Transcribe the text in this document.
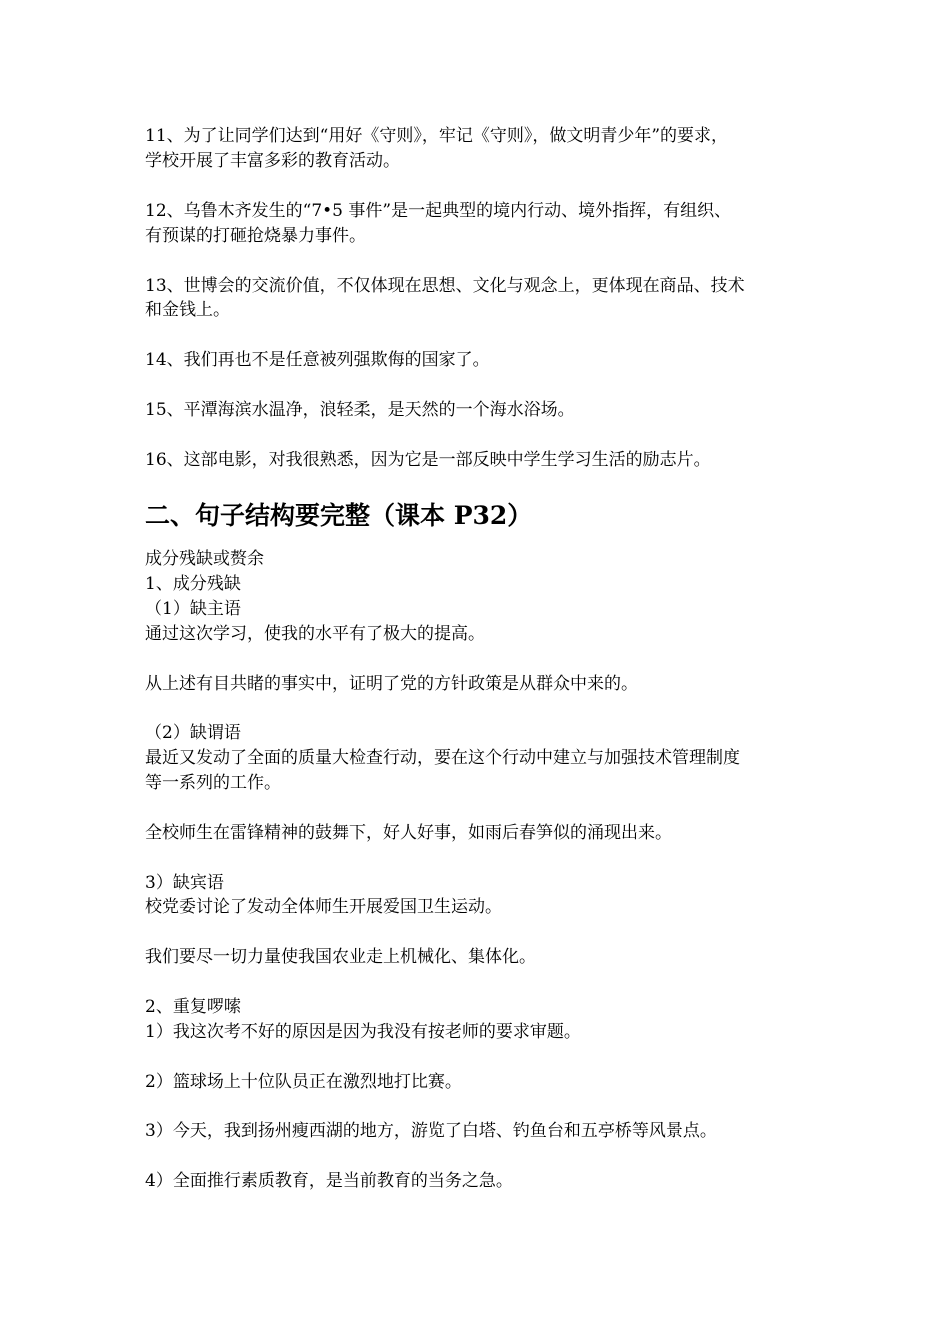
11、为了让同学们达到“用好《守则》，牢记《守则》，做文明青少年”的要求，
学校开展了丰富多彩的教育活动。
12、乌鲁木齐发生的“7•5 事件”是一起典型的境内行动、境外指挥，有组织、
有预谋的打砸抢烧暴力事件。
13、世博会的交流价值，不仅体现在思想、文化与观念上，更体现在商品、技术
和金钱上。
14、我们再也不是任意被列强欺侮的国家了。
15、平潭海滨水温净，浪轻柔，是天然的一个海水浴场。
16、这部电影，对我很熟悉，因为它是一部反映中学生学习生活的励志片。
二、句子结构要完整（课本 P32）
成分残缺或赘余
1、成分残缺
（1）缺主语
通过这次学习，使我的水平有了极大的提高。
从上述有目共睹的事实中，证明了党的方针政策是从群众中来的。
（2）缺谓语
最近又发动了全面的质量大检查行动，要在这个行动中建立与加强技术管理制度
等一系列的工作。
全校师生在雷锋精神的鼓舞下，好人好事，如雨后春笋似的涌现出来。
3）缺宾语
校党委讨论了发动全体师生开展爱国卫生运动。
我们要尽一切力量使我国农业走上机械化、集体化。
2、重复啰嗦
1）我这次考不好的原因是因为我没有按老师的要求审题。
2）篮球场上十位队员正在激烈地打比赛。
3）今天，我到扬州瘦西湖的地方，游览了白塔、钓鱼台和五亭桥等风景点。
4）全面推行素质教育，是当前教育的当务之急。
